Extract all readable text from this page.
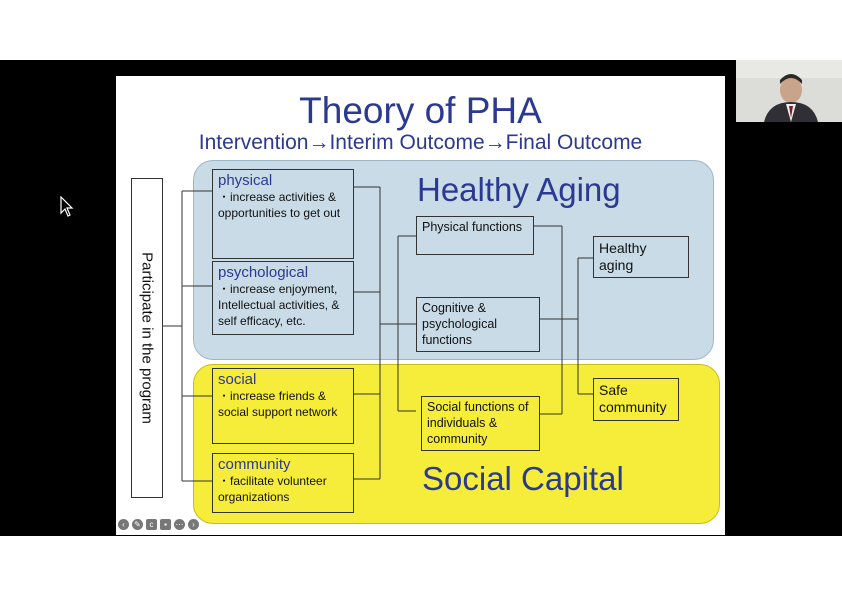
Theory of PHA
Intervention→Interim Outcome→Final Outcome
Healthy Aging
Social Capital
Participate in the program
physical
・increase activities & opportunities to get out
psychological
・increase enjoyment, Intellectual activities, & self efficacy, etc.
social
・increase friends & social support network
community
・facilitate volunteer organizations
Physical functions
Cognitive & psychological functions
Social functions of individuals & community
Healthy aging
Safe community
‹	✎	c	▪	⋯	›
